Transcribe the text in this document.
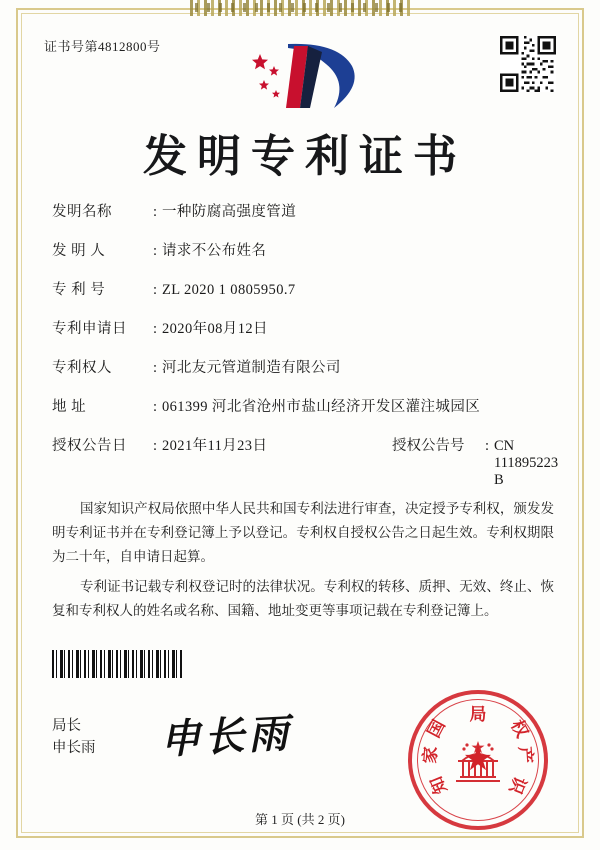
证书号第4812800号
发明专利证书
发明名称	: 一种防腐高强度管道
发 明 人	: 请求不公布姓名
专 利 号	: ZL 2020 1 0805950.7
专利申请日	: 2020年08月12日
专利权人	: 河北友元管道制造有限公司
地 址	: 061399 河北省沧州市盐山经济开发区灌注城园区
授权公告日	: 2021年11月23日	授权公告号	: CN 111895223 B

国家知识产权局依照中华人民共和国专利法进行审查，决定授予专利权，颁发发明专利证书并在专利登记簿上予以登记。专利权自授权公告之日起生效。专利权期限为二十年，自申请日起算。

专利证书记载专利权登记时的法律状况。专利权的转移、质押、无效、终止、恢复和专利权人的姓名或名称、国籍、地址变更等事项记载在专利登记簿上。

局长
申长雨 申长雨	国
家
知	识
产
权
局
★
第 1 页 (共 2 页)
